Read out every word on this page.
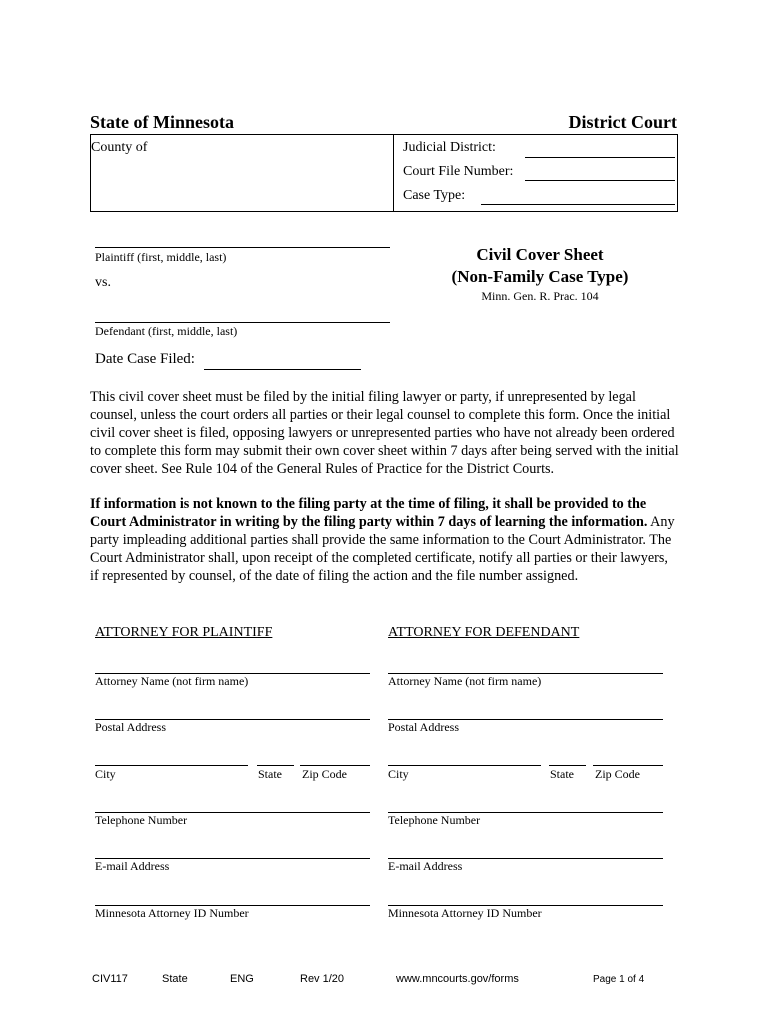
State of Minnesota	District Court
County of	Judicial District:
Court File Number:
Case Type:
Plaintiff (first, middle, last)
vs.
Defendant (first, middle, last)
Date Case Filed:
Civil Cover Sheet
(Non-Family Case Type)
Minn. Gen. R. Prac. 104
This civil cover sheet must be filed by the initial filing lawyer or party, if unrepresented by legal counsel, unless the court orders all parties or their legal counsel to complete this form. Once the initial civil cover sheet is filed, opposing lawyers or unrepresented parties who have not already been ordered to complete this form may submit their own cover sheet within 7 days after being served with the initial cover sheet. See Rule 104 of the General Rules of Practice for the District Courts.
If information is not known to the filing party at the time of filing, it shall be provided to the Court Administrator in writing by the filing party within 7 days of learning the information. Any party impleading additional parties shall provide the same information to the Court Administrator. The Court Administrator shall, upon receipt of the completed certificate, notify all parties or their lawyers, if represented by counsel, of the date of filing the action and the file number assigned.
ATTORNEY FOR PLAINTIFF
Attorney Name (not firm name)
Postal Address
City	State Zip Code
Telephone Number
E-mail Address
Minnesota Attorney ID Number
ATTORNEY FOR DEFENDANT
Attorney Name (not firm name)
Postal Address
City	State Zip Code
Telephone Number
E-mail Address
Minnesota Attorney ID Number
CIV117	State	ENG	Rev 1/20	www.mncourts.gov/forms	Page 1 of 4
